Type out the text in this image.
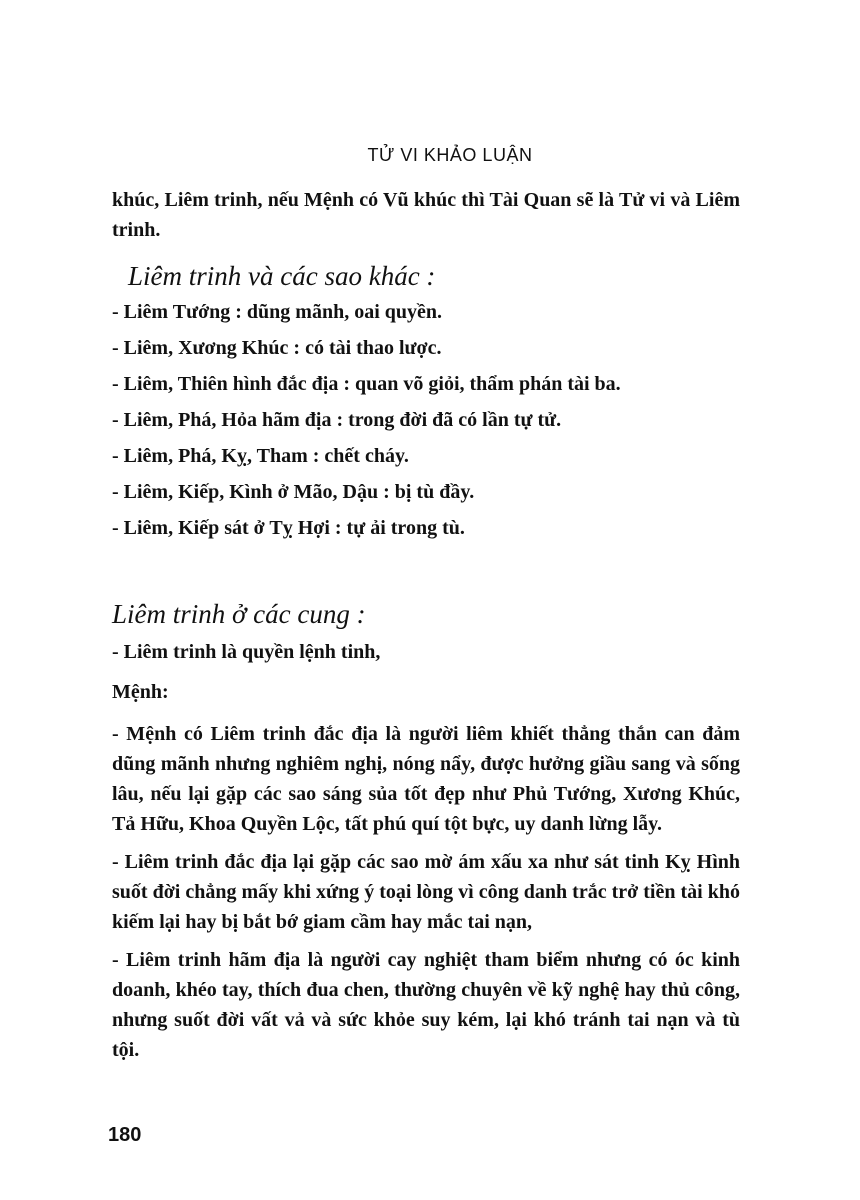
TỬ VI KHẢO LUẬN

khúc, Liêm trinh, nếu Mệnh có Vũ khúc thì Tài Quan sẽ là Tử vi và Liêm trinh.

Liêm trinh và các sao khác :

- Liêm Tướng : dũng mãnh, oai quyền.

- Liêm, Xương Khúc : có tài thao lược.

- Liêm, Thiên hình đắc địa : quan võ giỏi, thẩm phán tài ba.

- Liêm, Phá, Hỏa hãm địa : trong đời đã có lần tự tử.

- Liêm, Phá, Kỵ, Tham : chết cháy.

- Liêm, Kiếp, Kình ở Mão, Dậu : bị tù đầy.

- Liêm, Kiếp sát ở Tỵ Hợi : tự ải trong tù.

Liêm trinh ở các cung :

- Liêm trinh là quyền lệnh tinh,

Mệnh:

- Mệnh có Liêm trinh đắc địa là người liêm khiết thẳng thắn can đảm dũng mãnh nhưng nghiêm nghị, nóng nẩy, được hưởng giầu sang và sống lâu, nếu lại gặp các sao sáng sủa tốt đẹp như Phủ Tướng, Xương Khúc, Tả Hữu, Khoa Quyền Lộc, tất phú quí tột bực, uy danh lừng lẫy.

- Liêm trinh đắc địa lại gặp các sao mờ ám xấu xa như sát tinh Kỵ Hình suốt đời chẳng mấy khi xứng ý toại lòng vì công danh trắc trở tiền tài khó kiếm lại hay bị bắt bớ giam cầm hay mắc tai nạn,

- Liêm trinh hãm địa là người cay nghiệt tham biểm nhưng có óc kinh doanh, khéo tay, thích đua chen, thường chuyên về kỹ nghệ hay thủ công, nhưng suốt đời vất vả và sức khỏe suy kém, lại khó tránh tai nạn và tù tội.

180
